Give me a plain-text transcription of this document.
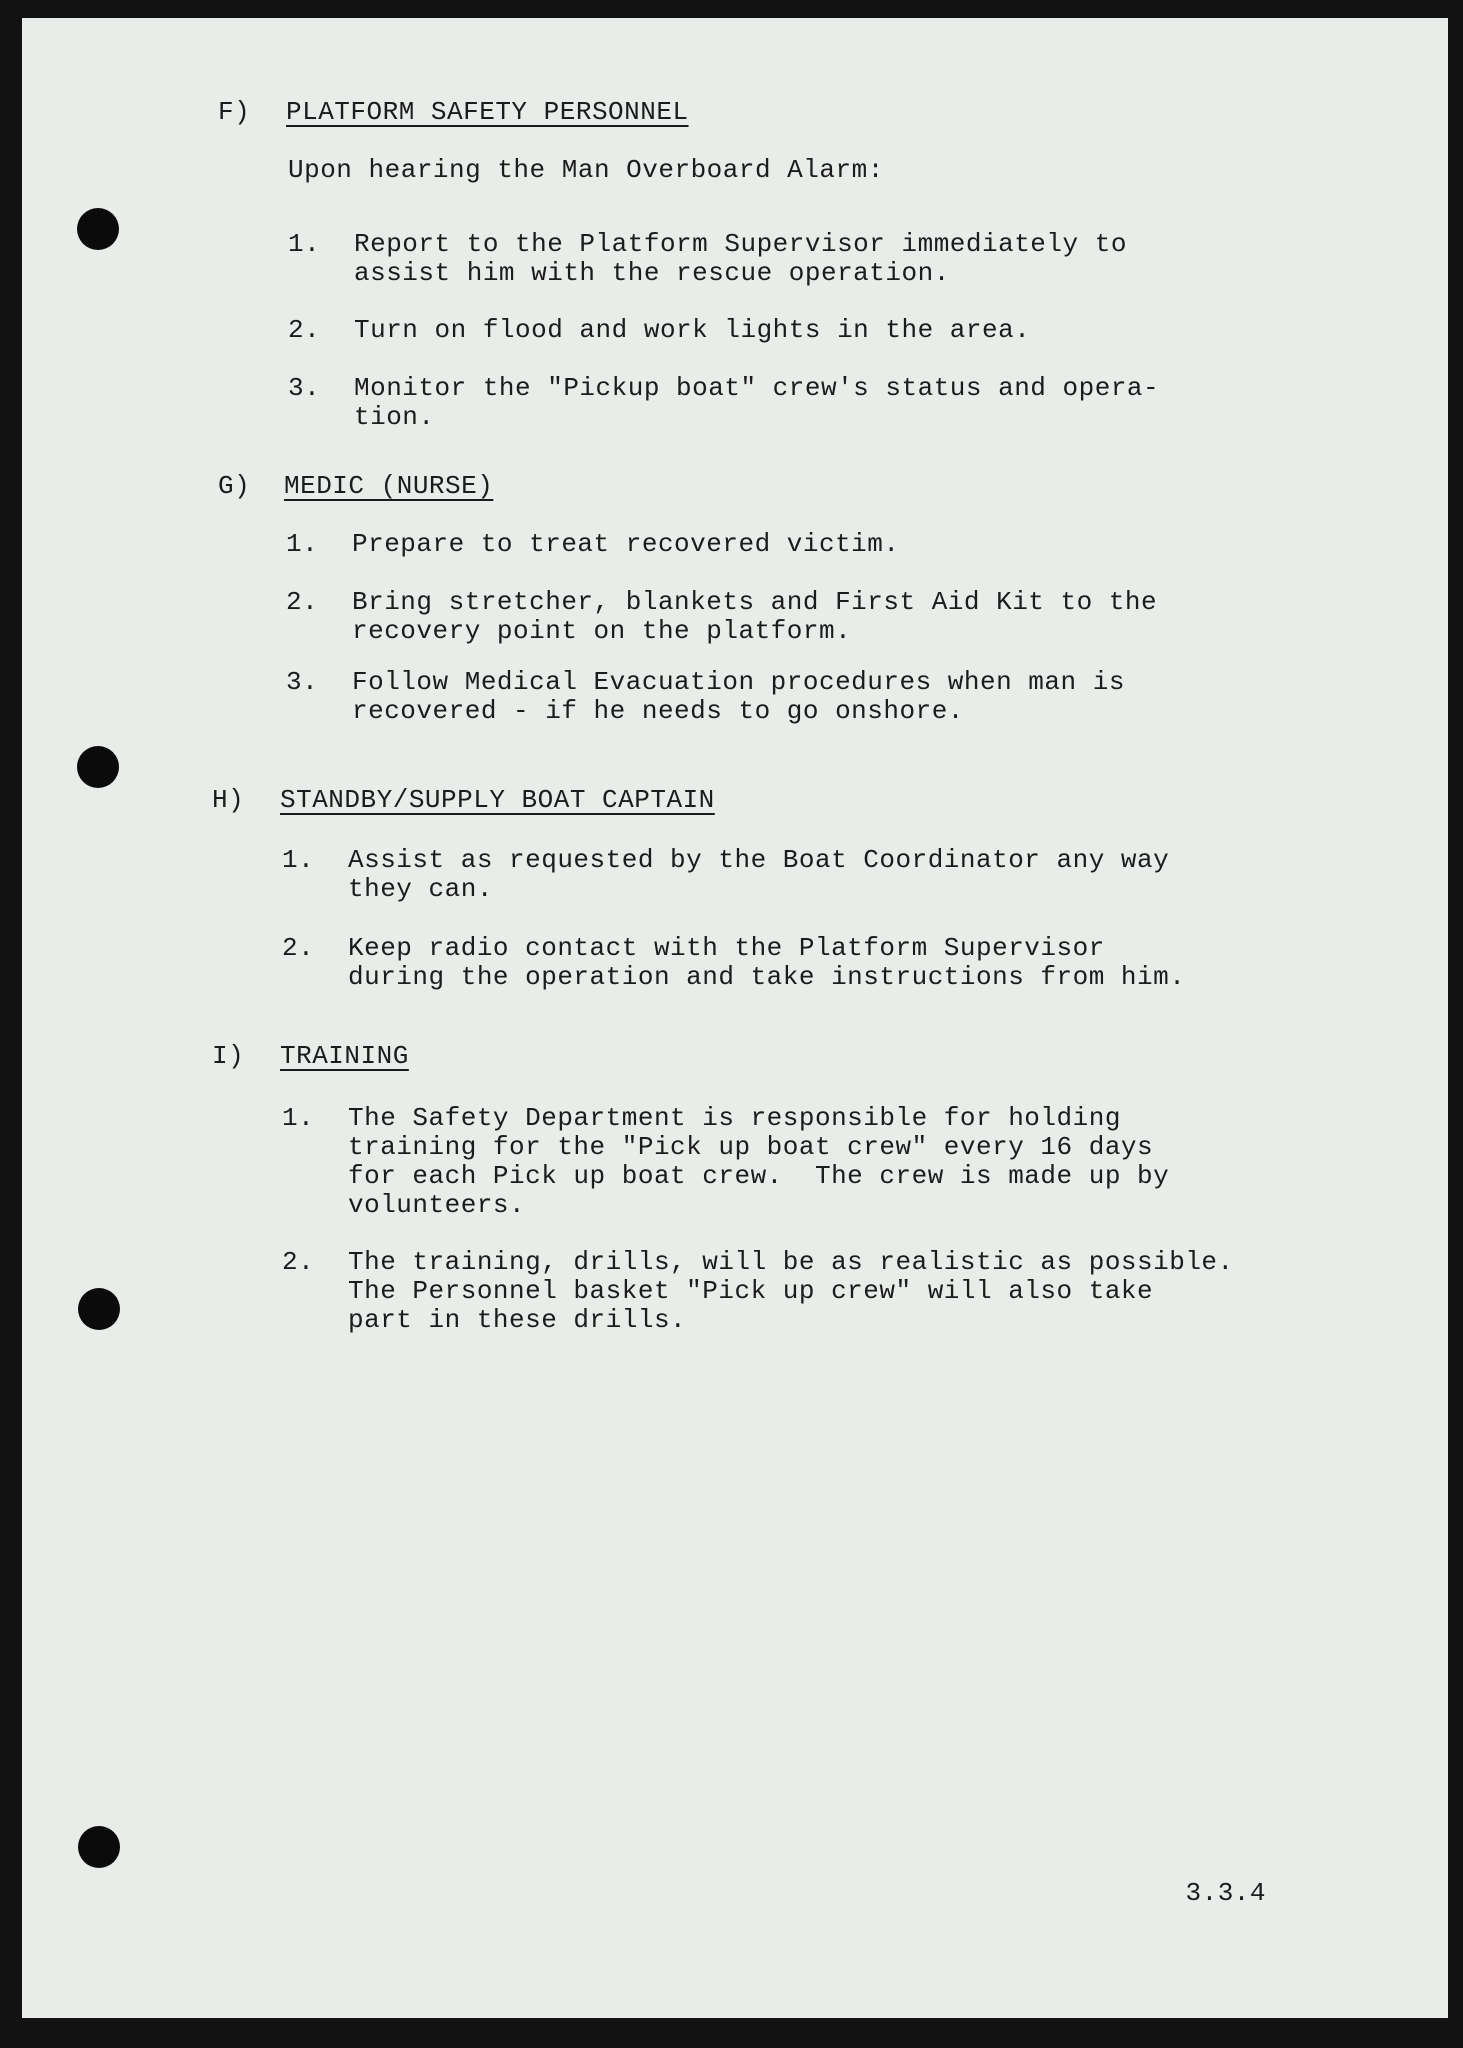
F) PLATFORM SAFETY PERSONNEL
Upon hearing the Man Overboard Alarm:
1. Report to the Platform Supervisor immediately to
assist him with the rescue operation.
2. Turn on flood and work lights in the area.
3. Monitor the "Pickup boat" crew's status and opera-
tion.
G) MEDIC (NURSE)
1. Prepare to treat recovered victim.
2. Bring stretcher, blankets and First Aid Kit to the
recovery point on the platform.
3. Follow Medical Evacuation procedures when man is
recovered - if he needs to go onshore.
H) STANDBY/SUPPLY BOAT CAPTAIN
1. Assist as requested by the Boat Coordinator any way
they can.
2. Keep radio contact with the Platform Supervisor
during the operation and take instructions from him.
I) TRAINING
1. The Safety Department is responsible for holding
training for the "Pick up boat crew" every 16 days
for each Pick up boat crew.  The crew is made up by
volunteers.
2. The training, drills, will be as realistic as possible.
The Personnel basket "Pick up crew" will also take
part in these drills.
3.3.4
